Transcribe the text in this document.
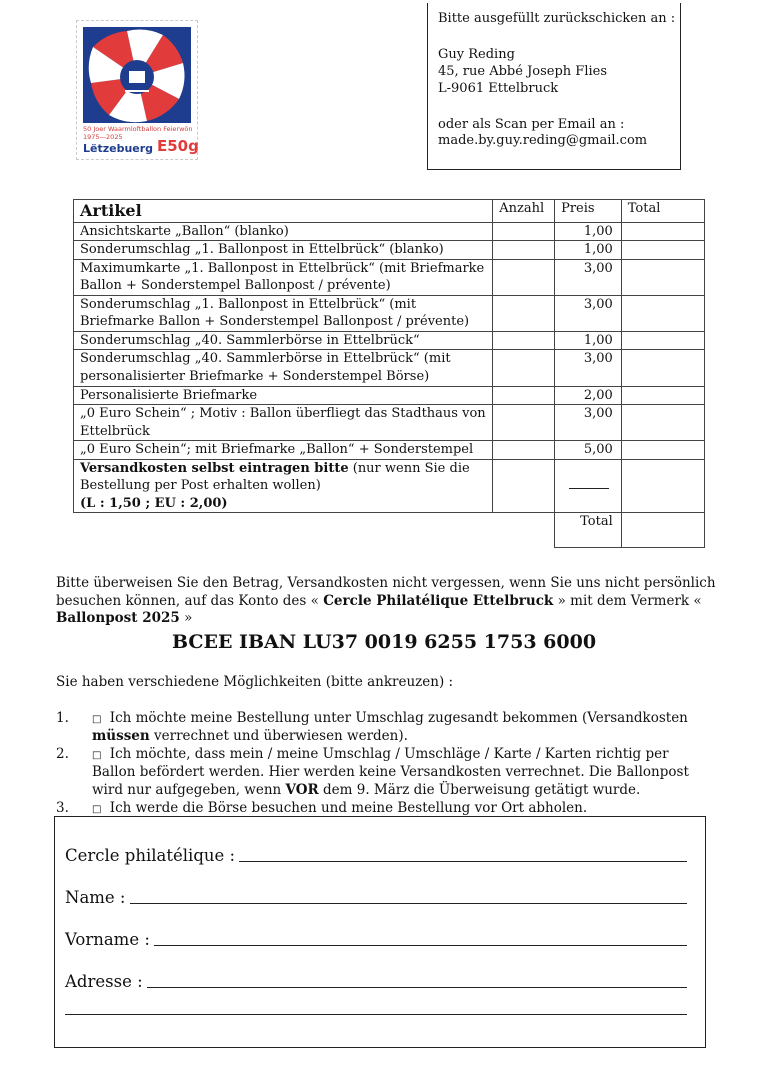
50 Joer Waarmloftballon Feierwön
1975—2025
Lëtzebuerg E50g
Bitte ausgefüllt zurückschicken an :
Guy Reding
45, rue Abbé Joseph Flies
L-9061 Ettelbruck
oder als Scan per Email an :
made.by.guy.reding@gmail.com
Artikel	Anzahl	Preis	Total
Ansichtskarte „Ballon“ (blanko)		1,00	
Sonderumschlag „1. Ballonpost in Ettelbrück“ (blanko)		1,00	
Maximumkarte „1. Ballonpost in Ettelbrück“ (mit Briefmarke Ballon + Sonderstempel Ballonpost / prévente)		3,00	
Sonderumschlag „1. Ballonpost in Ettelbrück“ (mit Briefmarke Ballon + Sonderstempel Ballonpost / prévente)		3,00	
Sonderumschlag „40. Sammlerbörse in Ettelbrück“		1,00	
Sonderumschlag „40. Sammlerbörse in Ettelbrück“ (mit personalisierter Briefmarke + Sonderstempel Börse)		3,00	
Personalisierte Briefmarke		2,00	
„0 Euro Schein“ ; Motiv : Ballon überfliegt das Stadthaus von Ettelbrück		3,00	
„0 Euro Schein“; mit Briefmarke „Ballon“ + Sonderstempel		5,00	
Versandkosten selbst eintragen bitte (nur wenn Sie die Bestellung per Post erhalten wollen)
(L : 1,50 ; EU : 2,00)			
		Total	
Bitte überweisen Sie den Betrag, Versandkosten nicht vergessen, wenn Sie uns nicht persönlich besuchen können, auf das Konto des « Cercle Philatélique Ettelbruck » mit dem Vermerk « Ballonpost 2025 »
BCEE IBAN LU37 0019 6255 1753 6000
Sie haben verschiedene Möglichkeiten (bitte ankreuzen) :
1. □ Ich möchte meine Bestellung unter Umschlag zugesandt bekommen (Versandkosten müssen verrechnet und überwiesen werden).
2. □ Ich möchte, dass mein / meine Umschlag / Umschläge / Karte / Karten richtig per Ballon befördert werden. Hier werden keine Versandkosten verrechnet. Die Ballonpost wird nur aufgegeben, wenn VOR dem 9. März die Überweisung getätigt wurde.
3. □ Ich werde die Börse besuchen und meine Bestellung vor Ort abholen.
Cercle philatélique :
Name :
Vorname :
Adresse :
